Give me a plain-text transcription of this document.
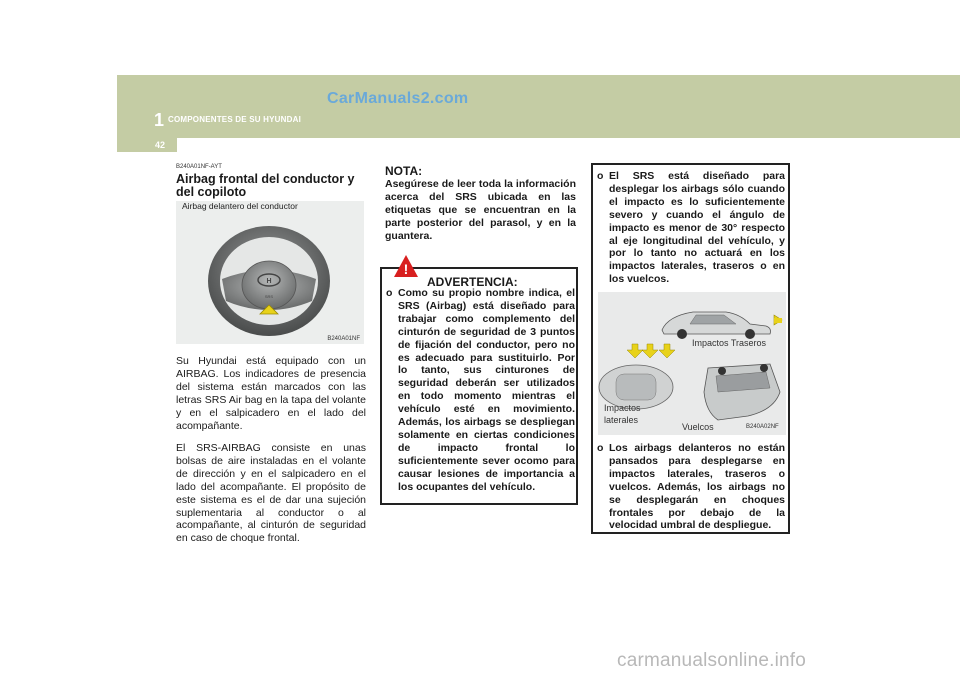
1 COMPONENTES DE SU HYUNDAI
CarManuals2.com
42
B240A01NF-AYT
Airbag frontal del conductor y del copiloto
Airbag delantero del conductor
H
SRS
B240A01NF
Su Hyundai está equipado con un AIRBAG. Los indicadores de presencia del sistema están marcados con las letras SRS Air bag en la tapa del volante y en el salpicadero en el lado del acompañante.
El SRS-AIRBAG consiste en unas bolsas de aire instaladas en el volante de dirección y en el salpicadero en el lado del acompañante. El propósito de este sistema es el de dar una sujeción suplementaria al conductor o al acompañante, al cinturón de seguridad en caso de choque frontal.
NOTA:
Asegúrese de leer toda la información acerca del SRS ubicada en las etiquetas que se encuentran en la parte posterior del parasol, y en la guantera.
!
ADVERTENCIA:
o Como su propio nombre indica, el SRS (Airbag) está diseñado para trabajar como complemento del cinturón de seguridad de 3 puntos de fijación del conductor, pero no es adecuado para sustituirlo. Por lo tanto, sus cinturones de seguridad deberán ser utilizados en todo momento mientras el vehículo esté en movimiento. Además, los airbags se despliegan solamente en ciertas condiciones de impacto frontal lo suficientemente sever ocomo para causar lesiones de importancia a los ocupantes del vehículo.
o El SRS está diseñado para desplegar los airbags sólo cuando el impacto es lo suficientemente severo y cuando el ángulo de impacto es menor de 30° respecto al eje longitudinal del vehículo, y por lo tanto no actuará en los impactos laterales, traseros o en los vuelcos.
Impactos Traseros
Impactos
laterales
Vuelcos	B240A02NF
o Los airbags delanteros no están pansados para desplegarse en impactos laterales, traseros o vuelcos. Además, los airbags no se desplegarán en choques frontales por debajo de la velocidad umbral de despliegue.
carmanualsonline.info
